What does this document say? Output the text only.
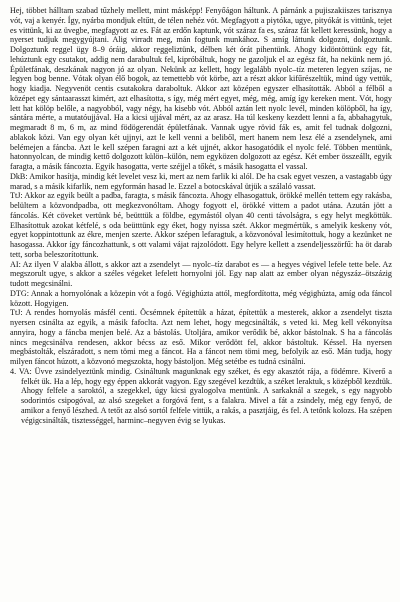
Hej, többet hálltam szabad tűzhely mellett, mint másképp! Fenyőágon háltunk. A párnánk a pujiszakiiszes tarisznya vót, vaj a kenyér. Így, nyárba mondjuk eltűtt, de télen nehéz vót. Megfagyott a piytóka, ugye, pityókát is vittünk, tejet es vittünk, ki az üvegbe, megfagyott az es. Fát az erdőn kaptunk, vót száraz fa es, száraz fát kellett keressünk, hogy a nyerset tudjuk megygyújtani. Alig virradt meg, mán fogtunk munkához. S amíg láttunk dolgozni, dolgoztunk. Dolgoztunk reggel ügy 8–9 óráig, akkor reggeliztünk, délben két órát pihentünk. Ahogy kidöntöttünk egy fát, lehúztunk egy csutakot, addig nem darabultuk fel, kipróbáltuk, hogy ne gazoljuk el az egész fát, ha nekünk nem jó. Épületfának, deszkának nagyon jó az olyan. Nekünk az kellett, hogy legalább nyolc–tíz meteren legyen szíjas, ne legyen bog benne. Vótak olyan élő bogok, az temettebb vót körbe, azt a részt akkor kifűrészeltük, mind úgy vettük, hogy kiadja. Negyvenöt centis csutakokra daraboltuk. Akkor azt középen egyszer elhasították. Abból a félből a középet egy sántaarasszt kimért, azt elhasította, s így, még mért egyet, még, még, amíg így kereken ment. Vót, hogy lett hat kölöp belőle, a nagyobból, vagy négy, ha kisebb vót. Abból aztán lett nyolc levél, minden kölöpből, ha így, sántára mérte, a mutatóujjával. Ha a kicsi ujjával mért, az az arasz. Ha túl keskeny kezdett lenni a fa, abbahagytuk, megmaradt 8 m, 6 m, az mind födögerendát épületfának. Vannak ugye rövid fák es, amit fel tudnak dolgozni, ablakok közi. Van egy olyan két ujjnyi, azt le kell venni a beliből, mert hanem nem lesz élé a zsendelynek, ami belémejen a fáncba. Azt le kell szépen faragni azt a két ujjnét, akkor hasogatódik el nyolc felé. Többen mentünk, hatonnyolcan, de mindig kettő dolgozott külön–külön, nem egyközen dolgozott az egész. Két ember összeállt, egyik faragta, a másik fáncozta. Egyik hasogatta, verte széjjel a tőkét, s másik hasogatta el vassal.

DkB: Amikor hasítja, mindig két levelet vesz ki, mert az nem farlik ki alól. De ha csak egyet veszen, a vastagabb úgy marad, s a másik kifarlik, nem egyformán hasad le. Ezzel a botocskával ütjük a szálaló vassat.

TtJ: Akkor az egyik beült a padba, faragta, s másik fáncozta. Ahogy elhasogattuk, örökké mellén tettem egy rakásba, belültem a közvondpadba, ott megkezvonóltam. Ahogy fogyott el, örökké vittem a padot utána. Azután jött a fáncolás. Két cöveket vertünk bé, beütttük a földbe, egymástól olyan 40 centi távolságra, s egy helyt megköttük. Elhasítottuk azokat kétfelé, s oda beütttünk egy éket, hogy nyissa szét. Akkor megmértük, s amelyik keskeny vót, egyet koppintottunk az ékre, menjen szerte. Akkor szépen lefaragtuk, a közvonóval lesimítottuk, hogy a kezünket ne hasogassa. Akkor így fáncozhattunk, s ott valami vájat rajzolódott. Egy helyre kellett a zsendeljesszörfű: ha öt darab tett, sorba beleszorítottunk.

AI: Az ilyen V alakba állott, s akkor azt a zsendelyt — nyolc–tíz darabot es — a hegyes végivel lefele tette bele. Az megszorult ugye, s akkor a széles végeket lefelett hornyolni jól. Egy nap alatt az ember olyan négyszáz–ötszázig tudott megcsinálni.

DTG: Annak a hornyolónak a közepin vót a fogó. Végighúzta attól, megfordította, még végighúzta, amíg oda fáncol közott. Hogyigen.

TtJ: A rendes hornyolás másfél centi. Öcsémnek építettük a házat, építettük a mesterek, akkor a zsendelyt tiszta nyersen csinálta az egyik, a másik fafoclta. Azt nem lehet, hogy megcsinálták, s veted ki. Meg kell vékonyítsa annyira, hogy a fáncba menjen belé. Az a bástolás. Utoljára, amikor verődik bé, akkor bástolnak. S ha a fáncolás nincs megcsinálva rendesen, akkor bécss az eső. Mikor verődött fel, akkor bástoltuk. Késsel. Ha nyersen megbástolták, elszáradott, s nem tömi meg a fáncot. Ha a fáncot nem tömi meg, befolyik az eső. Mán tudja, hogy milyen fáncot húzott, a közvonó megszokta, hogy bástoljon. Még setétbe es tudná csinálni.

4. VA: Üvve zsindelyeztünk mindig. Csináltunk magunknak egy széket, és egy akasztót rája, a födémre. Kiverő a felkét ük. Ha a lép, hogy egy éppen akkorát vagyon. Egy szegével kezdtük, a széket leraktuk, s középből kezdtük. Ahogy felfele a saroktól, a szegekkel, úgy kicsi gyalogolva mentünk. A sarkaknál a szegek, s egy nagyobb sodorintós csipogóval, az alsó szegeket a forgóvá fent, s a falakra. Mivel a fát a zsindely, még egy fenyő, de amikor a fenyő lészhed. A tetőt az alsó sortól felfele vittük, a rakás, a pasztjáig, és fel. A tetőnk kolozs. Ha szépen végigcsinálták, tisztességgel, harminc–negyven évig se lyukas.
